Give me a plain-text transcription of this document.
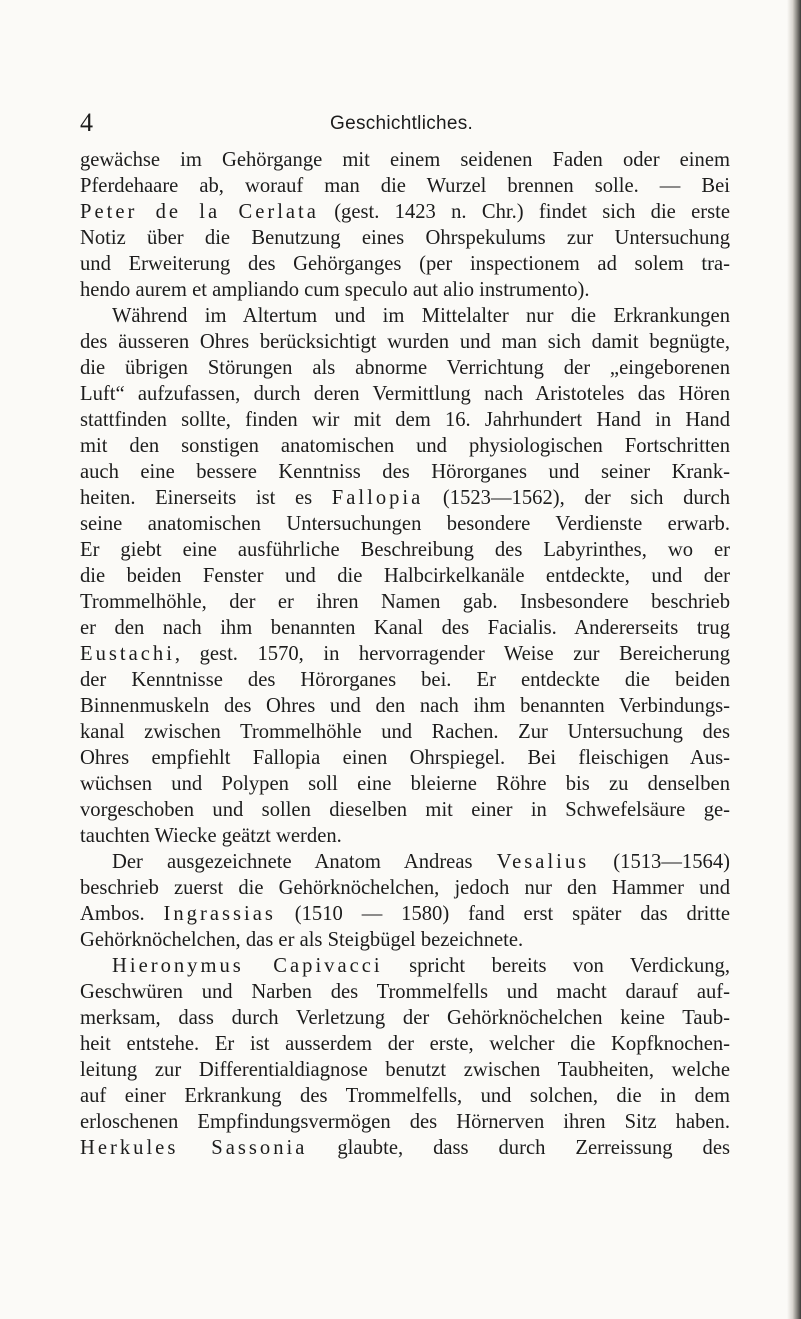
4	Geschichtliches.
gewächse im Gehörgange mit einem seidenen Faden oder einem
Pferdehaare ab, worauf man die Wurzel brennen solle. — Bei
Peter de la Cerlata (gest. 1423 n. Chr.) findet sich die erste
Notiz über die Benutzung eines Ohrspekulums zur Untersuchung
und Erweiterung des Gehörganges (per inspectionem ad solem tra-
hendo aurem et ampliando cum speculo aut alio instrumento).
Während im Altertum und im Mittelalter nur die Erkrankungen
des äusseren Ohres berücksichtigt wurden und man sich damit begnügte,
die übrigen Störungen als abnorme Verrichtung der „eingeborenen
Luft“ aufzufassen, durch deren Vermittlung nach Aristoteles das Hören
stattfinden sollte, finden wir mit dem 16. Jahrhundert Hand in Hand
mit den sonstigen anatomischen und physiologischen Fortschritten
auch eine bessere Kenntniss des Hörorganes und seiner Krank-
heiten. Einerseits ist es Fallopia (1523—1562), der sich durch
seine anatomischen Untersuchungen besondere Verdienste erwarb.
Er giebt eine ausführliche Beschreibung des Labyrinthes, wo er
die beiden Fenster und die Halbcirkelkanäle entdeckte, und der
Trommelhöhle, der er ihren Namen gab. Insbesondere beschrieb
er den nach ihm benannten Kanal des Facialis. Andererseits trug
Eustachi, gest. 1570, in hervorragender Weise zur Bereicherung
der Kenntnisse des Hörorganes bei. Er entdeckte die beiden
Binnenmuskeln des Ohres und den nach ihm benannten Verbindungs-
kanal zwischen Trommelhöhle und Rachen. Zur Untersuchung des
Ohres empfiehlt Fallopia einen Ohrspiegel. Bei fleischigen Aus-
wüchsen und Polypen soll eine bleierne Röhre bis zu denselben
vorgeschoben und sollen dieselben mit einer in Schwefelsäure ge-
tauchten Wiecke geätzt werden.
Der ausgezeichnete Anatom Andreas Vesalius (1513—1564)
beschrieb zuerst die Gehörknöchelchen, jedoch nur den Hammer und
Ambos. Ingrassias (1510 — 1580) fand erst später das dritte
Gehörknöchelchen, das er als Steigbügel bezeichnete.
Hieronymus Capivacci spricht bereits von Verdickung,
Geschwüren und Narben des Trommelfells und macht darauf auf-
merksam, dass durch Verletzung der Gehörknöchelchen keine Taub-
heit entstehe. Er ist ausserdem der erste, welcher die Kopfknochen-
leitung zur Differentialdiagnose benutzt zwischen Taubheiten, welche
auf einer Erkrankung des Trommelfells, und solchen, die in dem
erloschenen Empfindungsvermögen des Hörnerven ihren Sitz haben.
Herkules Sassonia glaubte, dass durch Zerreissung des
